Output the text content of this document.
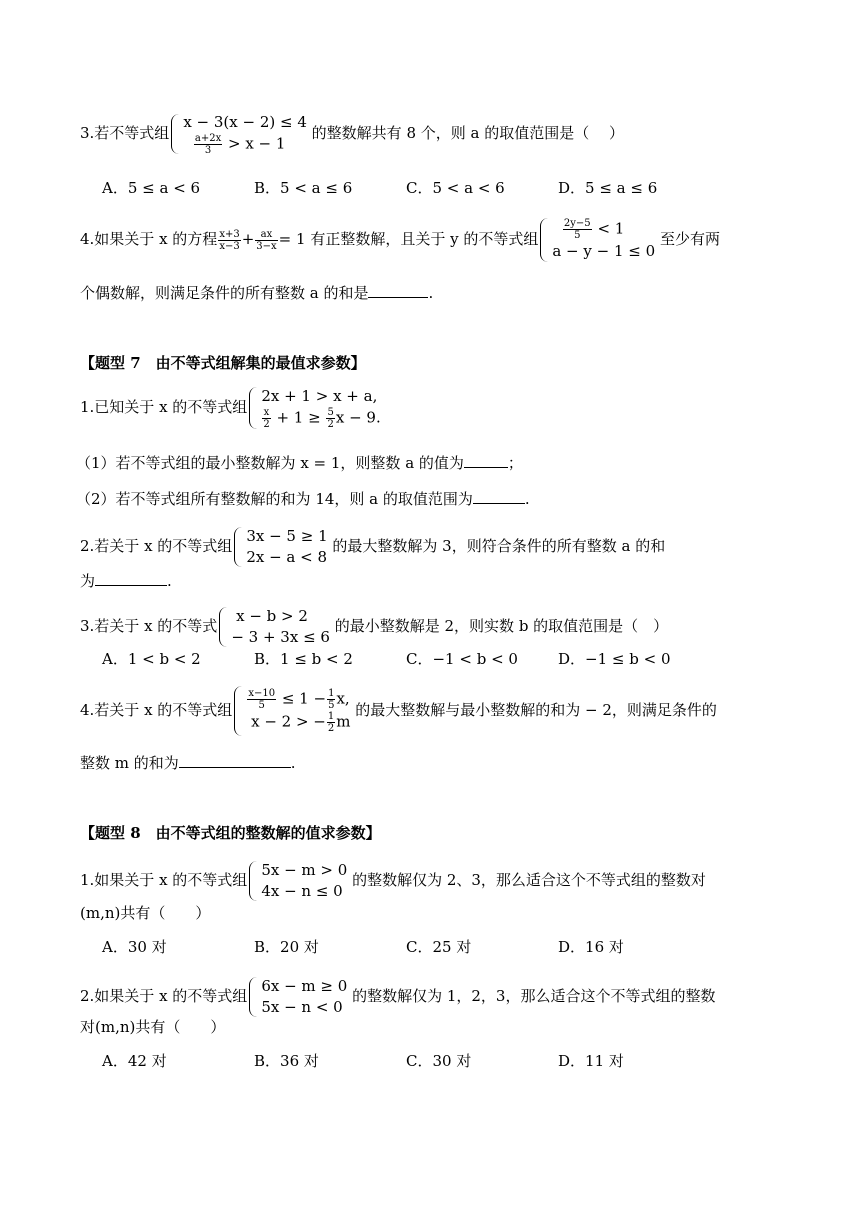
3.若不等式组
x − 3(x − 2) ≤ 4

$\frac{a+2x}{3} > x - 1$
的整数解共有 8 个，则 a 的取值范围是（　 ）
A．5 ≤ a < 6	B．5 < a ≤ 6	C．5 < a < 6	D．5 ≤ a ≤ 6
4.如果关于 x 的方程 $\frac{x+3}{x-3} + \frac{ax}{3-x} = 1$ 有正整数解，且关于 y 的不等式组
$\frac{2y-5}{5} < 1$
a − y − 1 ≤ 0
至少有两
个偶数解，则满足条件的所有整数 a 的和是	.
【题型 7　由不等式组解集的最值求参数】
1.已知关于 x 的不等式组
2x + 1 > x + a,
$\frac{x}{2} + 1 \ge \frac{5}{2}$ x − 9.
（1）若不等式组的最小整数解为 x = 1，则整数 a 的值为	；
（2）若不等式组所有整数解的和为 14，则 a 的取值范围为	.
2.若关于 x 的不等式组
3x − 5 ≥ 1
2x − a < 8
的最大整数解为 3，则符合条件的所有整数 a 的和
为	.
3.若关于 x 的不等式
x − b > 2
− 3 + 3x ≤ 6
的最小整数解是 2，则实数 b 的取值范围是（　）
A．1 < b < 2	B．1 ≤ b < 2	C．−1 < b < 0	D．−1 ≤ b < 0
4.若关于 x 的不等式组 $\frac{x-10}{5} \le 1 - \frac{1}{5} x$,
x − 2 > − $\frac{1}{2}$ m
的最大整数解与最小整数解的和为 − 2，则满足条件的
整数 m 的和为	.
【题型 8　由不等式组的整数解的值求参数】
1.如果关于 x 的不等式组
5x − m > 0
4x − n ≤ 0
的整数解仅为 2、3，那么适合这个不等式组的整数对
(m,n)共有（　　）
A．30 对	B．20 对	C．25 对	D．16 对
2.如果关于 x 的不等式组
6x − m ≥ 0
5x − n < 0
的整数解仅为 1，2，3，那么适合这个不等式组的整数
对(m,n)共有（　　）
A．42 对	B．36 对	C．30 对	D．11 对
